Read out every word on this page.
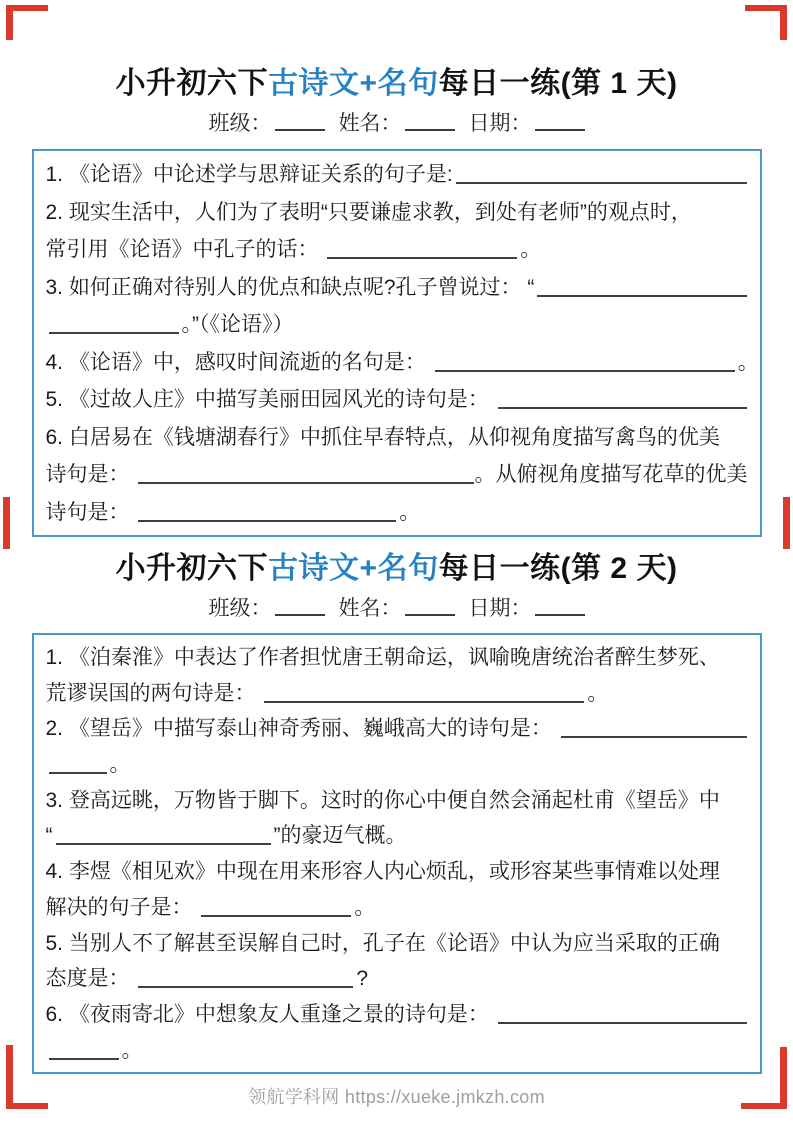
小升初六下古诗文+名句每日一练(第 1 天)
班级：	姓名：	日期：
1. 《论语》中论述学与思辩证关系的句子是:
2. 现实生活中，人们为了表明“只要谦虚求教，到处有老师”的观点时，
常引用《论语》中孔子的话：	。
3. 如何正确对待别人的优点和缺点呢?孔子曾说过： “
。”（《论语》）
4. 《论语》中，感叹时间流逝的名句是：	。
5. 《过故人庄》中描写美丽田园风光的诗句是：
6. 白居易在《钱塘湖春行》中抓住早春特点，从仰视角度描写禽鸟的优美
诗句是：	。从俯视角度描写花草的优美
诗句是：	。
小升初六下古诗文+名句每日一练(第 2 天)
班级：	姓名：	日期：
1. 《泊秦淮》中表达了作者担忧唐王朝命运，讽喻晚唐统治者醉生梦死、
荒谬误国的两句诗是：	。
2. 《望岳》中描写泰山神奇秀丽、巍峨高大的诗句是：
。
3. 登高远眺，万物皆于脚下。这时的你心中便自然会涌起杜甫《望岳》中
“	”的豪迈气概。
4. 李煜《相见欢》中现在用来形容人内心烦乱，或形容某些事情难以处理
解决的句子是：	。
5. 当别人不了解甚至误解自己时，孔子在《论语》中认为应当采取的正确
态度是：	?
6. 《夜雨寄北》中想象友人重逢之景的诗句是：
。
领航学科网 https://xueke.jmkzh.com
